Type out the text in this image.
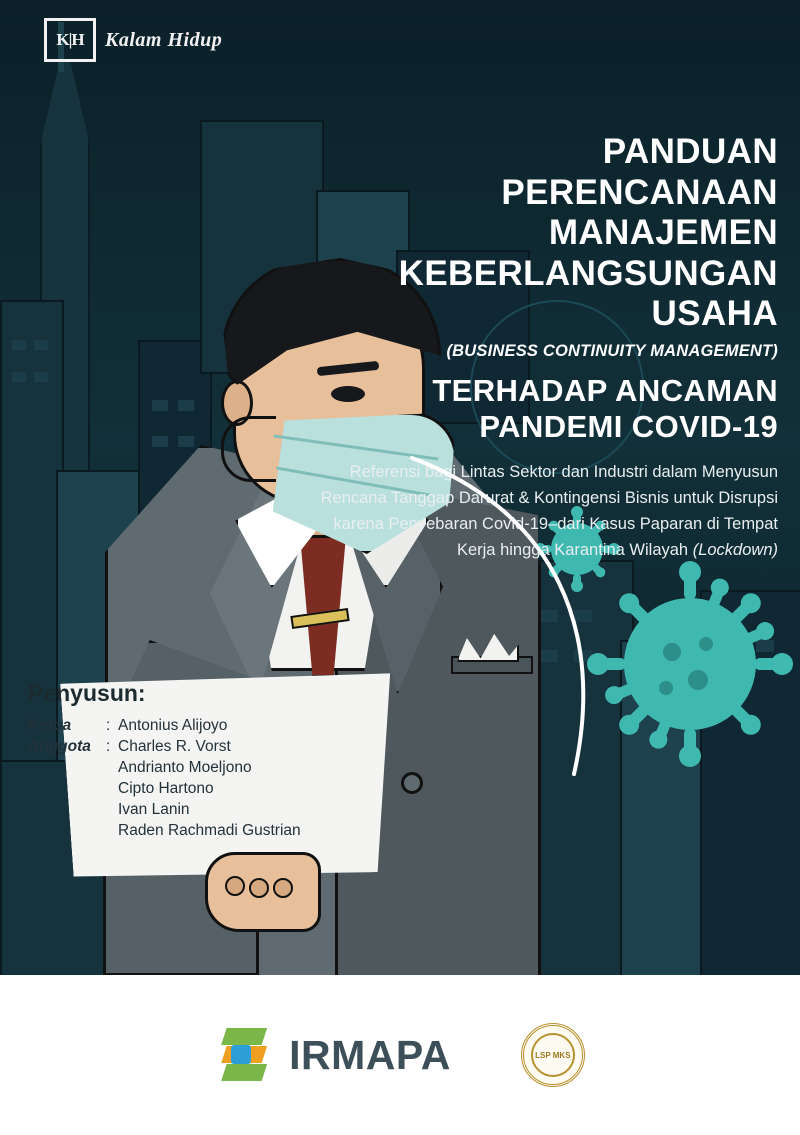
Penyusun:
Ketua	: Antonius Alijoyo
Anggota : Charles R. Vorst
Andrianto Moeljono
Cipto Hartono
Ivan Lanin
Raden Rachmadi Gustrian
K|H	Kalam Hidup
PANDUAN
PERENCANAAN MANAJEMEN
KEBERLANGSUNGAN USAHA
(BUSINESS CONTINUITY MANAGEMENT)
TERHADAP ANCAMAN
PANDEMI COVID-19
Referensi bagi Lintas Sektor dan Industri dalam Menyusun Rencana Tanggap Darurat & Kontingensi Bisnis untuk Disrupsi karena Penyebaran Covid-19–dari Kasus Paparan di Tempat Kerja hingga Karantina Wilayah (Lockdown)
IRMAPA	LSP MKS
